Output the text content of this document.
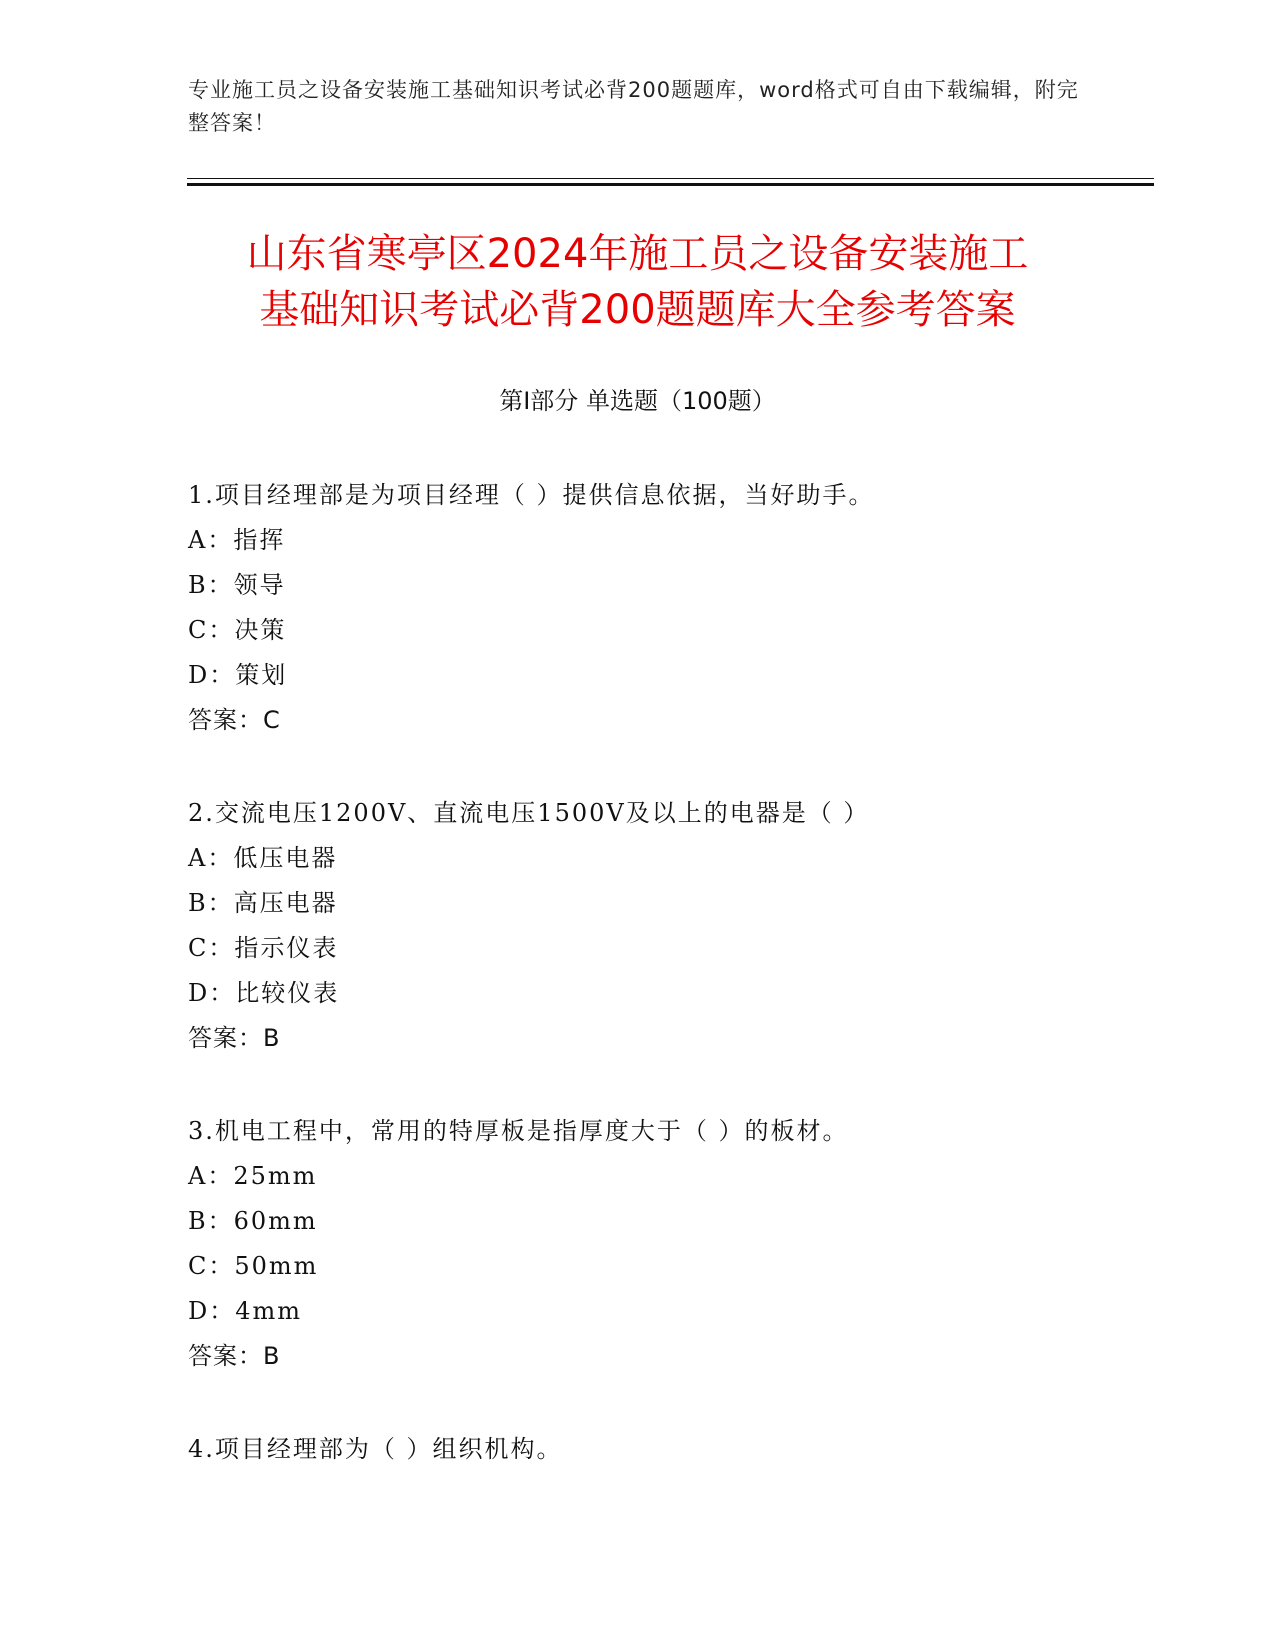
专业施工员之设备安装施工基础知识考试必背200题题库，word格式可自由下载编辑，附完整答案！
山东省寒亭区2024年施工员之设备安装施工
基础知识考试必背200题题库大全参考答案
第Ⅰ部分 单选题（100题）
1.项目经理部是为项目经理（ ）提供信息依据，当好助手。
A：指挥
B：领导
C：决策
D：策划
答案：C
2.交流电压1200V、直流电压1500V及以上的电器是（ ）
A：低压电器
B：高压电器
C：指示仪表
D：比较仪表
答案：B
3.机电工程中，常用的特厚板是指厚度大于（ ）的板材。
A：25mm
B：60mm
C：50mm
D：4mm
答案：B
4.项目经理部为（ ）组织机构。
